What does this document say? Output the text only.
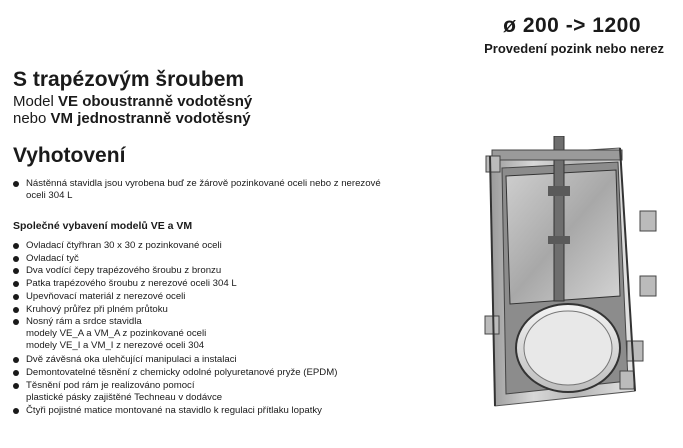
ø 200 -> 1200
Provedení pozink nebo nerez
S trapézovým šroubem
Model VE oboustranně vodotěsný
nebo VM jednostranně vodotěsný
Vyhotovení
Nástěnná stavidla jsou vyrobena buď ze žárově pozinkované oceli nebo z nerezové
oceli 304 L
Společné vybavení modelů VE a VM
Ovladací čtyřhran 30 x 30 z pozinkované oceli
Ovladací tyč
Dva vodící čepy trapézového šroubu z bronzu
Patka trapézového šroubu z nerezové oceli 304 L
Upevňovací materiál z nerezové oceli
Kruhový průřez při plném průtoku
Nosný rám a srdce stavidla
modely VE_A a VM_A z pozinkované oceli
modely VE_I a VM_I z nerezové oceli 304
Dvě závěsná oka ulehčující manipulaci a instalaci
Demontovatelné těsnění z chemicky odolné polyuretanové pryže (EPDM)
Těsnění pod rám je realizováno pomocí
plastické pásky zajištěné Techneau v dodávce
Čtyři pojistné matice montované na stavidlo k regulaci přítlaku lopatky
